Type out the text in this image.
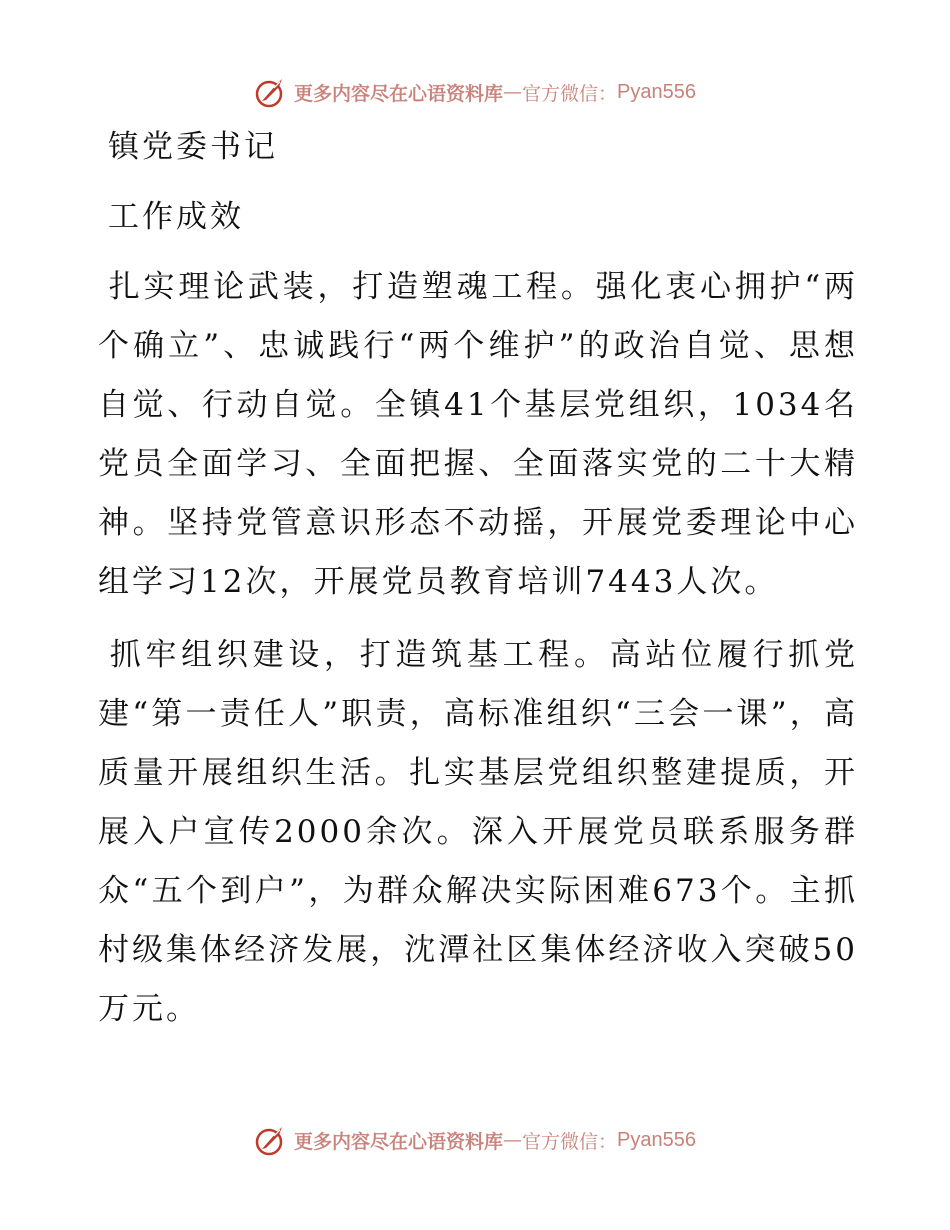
更多内容尽在心语资料库 — 官方微信： Pyan556
镇党委书记
工作成效
扎实理论武装，打造塑魂工程。强化衷心拥护“两个确立”、忠诚践行“两个维护”的政治自觉、思想自觉、行动自觉。全镇41个基层党组织，1034名党员全面学习、全面把握、全面落实党的二十大精神。坚持党管意识形态不动摇，开展党委理论中心组学习12次，开展党员教育培训7443人次。
抓牢组织建设，打造筑基工程。高站位履行抓党建“第一责任人”职责，高标准组织“三会一课”，高质量开展组织生活。扎实基层党组织整建提质，开展入户宣传2000余次。深入开展党员联系服务群众“五个到户”，为群众解决实际困难673个。主抓村级集体经济发展，沈潭社区集体经济收入突破50万元。
更多内容尽在心语资料库 — 官方微信： Pyan556
